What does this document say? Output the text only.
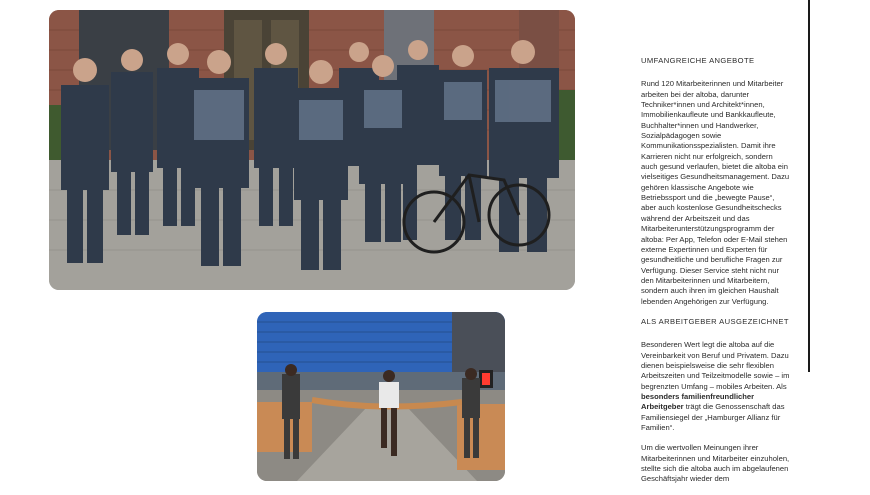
UMFANGREICHE ANGEBOTE

Rund 120 Mitarbeiterinnen und Mitarbeiter arbeiten bei der altoba, darunter Techniker*innen und Architekt*innen, Immobilienkaufleute und Bankkaufleute, Buchhalter*innen und Handwerker, Sozialpädagogen sowie Kommunikationsspezialisten. Damit ihre Karrieren nicht nur erfolgreich, sondern auch gesund verlaufen, bietet die altoba ein vielseitiges Gesundheitsmanagement. Dazu gehören klassische Angebote wie Betriebssport und die „bewegte Pause“, aber auch kostenlose Gesundheitschecks während der Arbeitszeit und das Mitarbeiterunterstützungsprogramm der altoba: Per App, Telefon oder E-Mail stehen externe Expertinnen und Experten für gesundheitliche und berufliche Fragen zur Verfügung. Dieser Service steht nicht nur den Mitarbeiterinnen und Mitarbeitern, sondern auch ihren im gleichen Haushalt lebenden Angehörigen zur Verfügung.

ALS ARBEITGEBER AUSGEZEICHNET

Besonderen Wert legt die altoba auf die Vereinbarkeit von Beruf und Privatem. Dazu dienen beispielsweise die sehr flexiblen Arbeitszeiten und Teilzeitmodelle sowie – im begrenzten Umfang – mobiles Arbeiten. Als besonders familienfreundlicher Arbeitgeber trägt die Genossenschaft das Familiensiegel der „Hamburger Allianz für Familien“.

Um die wertvollen Meinungen ihrer Mitarbeiterinnen und Mitarbeiter einzuholen, stellte sich die altoba auch im abgelaufenen Geschäftsjahr wieder dem
